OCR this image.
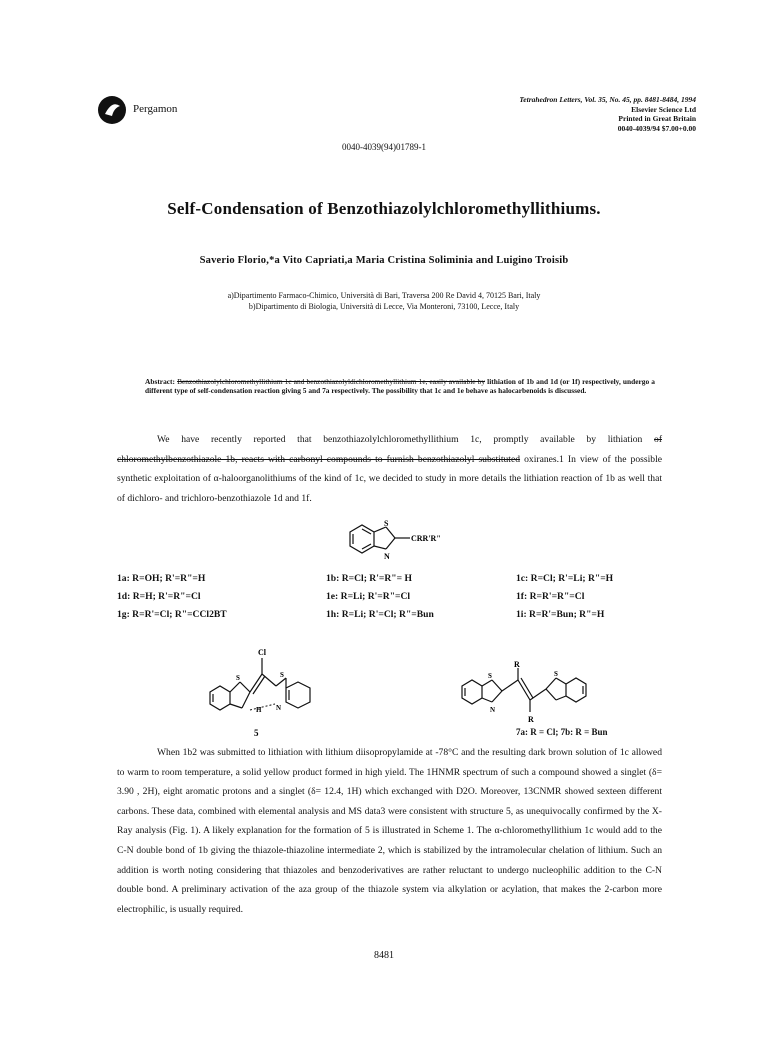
Pergamon
Tetrahedron Letters, Vol. 35, No. 45, pp. 8481-8484, 1994
Elsevier Science Ltd
Printed in Great Britain
0040-4039/94 $7.00+0.00
0040-4039(94)01789-1
Self-Condensation of Benzothiazolylchloromethyllithiums.
Saverio Florio,*a Vito Capriati,a Maria Cristina Soliminia and Luigino Troisib
a)Dipartimento Farmaco-Chimico, Università di Bari, Traversa 200 Re David 4, 70125 Bari, Italy
b)Dipartimento di Biologia, Università di Lecce, Via Monteroni, 73100, Lecce, Italy
Abstract: Benzothiazolylchloromethyllithium 1c and benzothiazolyldichloromethyllithium 1e, easily available by lithiation of 1b and 1d (or 1f) respectively, undergo a different type of self-condensation reaction giving 5 and 7a respectively. The possibility that 1c and 1e behave as halocarbenoids is discussed.

We have recently reported that benzothiazolylchloromethyllithium 1c, promptly available by lithiation of chloromethylbenzothiazole 1b, reacts with carbonyl compounds to furnish benzothiazolyl substituted oxiranes.1 In view of the possible synthetic exploitation of α-haloorganolithiums of the kind of 1c, we decided to study in more details the lithiation reaction of 1b as well that of dichloro- and trichloro-benzothiazole 1d and 1f.

S
N
CRR'R"
1a: R=OH; R'=R"=H	1b: R=Cl; R'=R"= H	1c: R=Cl; R'=Li; R"=H
1d: R=H; R'=R"=Cl	1e: R=Li; R'=R"=Cl	1f: R=R'=R"=Cl
1g: R=R'=Cl; R"=CCl2BT	1h: R=Li; R'=Cl; R"=Bun	1i: R=R'=Bun; R"=H
Cl
S
H
S
N
5
R
R
S	S
N
7a: R = Cl; 7b: R = Bun

When 1b2 was submitted to lithiation with lithium diisopropylamide at -78°C and the resulting dark brown solution of 1c allowed to warm to room temperature, a solid yellow product formed in high yield. The 1HNMR spectrum of such a compound showed a singlet (δ= 3.90 , 2H), eight aromatic protons and a singlet (δ= 12.4, 1H) which exchanged with D2O. Moreover, 13CNMR showed sexteen different carbons. These data, combined with elemental analysis and MS data3 were consistent with structure 5, as unequivocally confirmed by the X-Ray analysis (Fig. 1). A likely explanation for the formation of 5 is illustrated in Scheme 1. The α-chloromethyllithium 1c would add to the C-N double bond of 1b giving the thiazole-thiazoline intermediate 2, which is stabilized by the intramolecular chelation of lithium. Such an addition is worth noting considering that thiazoles and benzoderivatives are rather reluctant to undergo nucleophilic addition to the C-N double bond. A preliminary activation of the aza group of the thiazole system via alkylation or acylation, that makes the 2-carbon more electrophilic, is usually required.

8481
